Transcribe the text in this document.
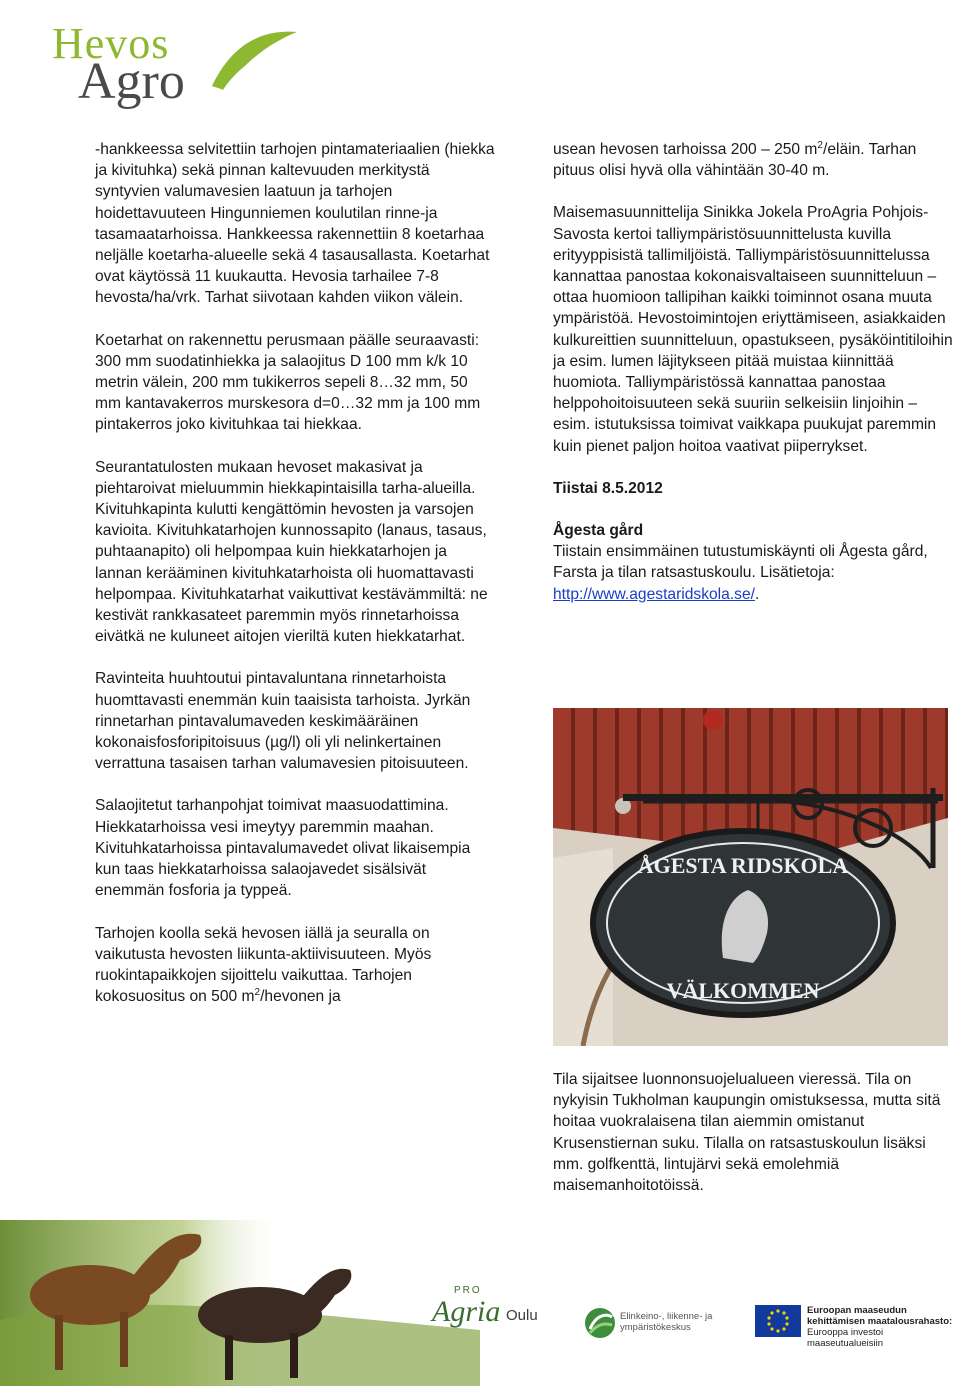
Hevos
Agro

-hankkeessa selvitettiin tarhojen pintamateriaalien (hiekka ja kivituhka) sekä pinnan kaltevuuden merkitystä syntyvien valumavesien laatuun ja tarhojen hoidettavuuteen Hingunniemen koulutilan rinne-ja tasamaatarhoissa. Hankkeessa rakennettiin 8 koetarhaa neljälle koetarha-alueelle sekä 4 tasausallasta. Koetarhat ovat käytössä 11 kuukautta. Hevosia tarhailee 7-8 hevosta/ha/vrk. Tarhat siivotaan kahden viikon välein.

Koetarhat on rakennettu perusmaan päälle seuraavasti: 300 mm suodatinhiekka ja salaojitus D 100 mm k/k 10 metrin välein, 200 mm tukikerros sepeli 8…32 mm, 50 mm kantavakerros murskesora d=0…32 mm ja 100 mm pintakerros joko kivituhkaa tai hiekkaa.

Seurantatulosten mukaan hevoset makasivat ja piehtaroivat mieluummin hiekkapintaisilla tarha-alueilla. Kivituhkapinta kulutti kengättömin hevosten ja varsojen kavioita. Kivituhkatarhojen kunnossapito (lanaus, tasaus, puhtaanapito) oli helpompaa kuin hiekkatarhojen ja lannan kerääminen kivituhkatarhoista oli huomattavasti helpompaa. Kivituhkatarhat vaikuttivat kestävämmiltä: ne kestivät rankkasateet paremmin myös rinnetarhoissa eivätkä ne kuluneet aitojen vieriltä kuten hiekkatarhat.

Ravinteita huuhtoutui pintavaluntana rinnetarhoista huomttavasti enemmän kuin taaisista tarhoista. Jyrkän rinnetarhan pintavalumaveden keskimääräinen kokonaisfosforipitoisuus (µg/l) oli yli nelinkertainen verrattuna tasaisen tarhan valumavesien pitoisuuteen.

Salaojitetut tarhanpohjat toimivat maasuodattimina. Hiekkatarhoissa vesi imeytyy paremmin maahan. Kivituhkatarhoissa pintavalumavedet olivat likaisempia kun taas hiekkatarhoissa salaojavedet sisälsivät enemmän fosforia ja typpeä.

Tarhojen koolla sekä hevosen iällä ja seuralla on vaikutusta hevosten liikunta-aktiivisuuteen. Myös ruokintapaikkojen sijoittelu vaikuttaa. Tarhojen kokosuositus on 500 $m^2$/hevonen ja

usean hevosen tarhoissa 200 – 250 $m^2$/eläin. Tarhan pituus olisi hyvä olla vähintään 30-40 m.

Maisemasuunnittelija Sinikka Jokela ProAgria Pohjois-Savosta kertoi talliympäristösuunnittelusta kuvilla erityyppisistä tallimiljöistä. Talliympäristösuunnittelussa kannattaa panostaa kokonaisvaltaiseen suunnitteluun – ottaa huomioon tallipihan kaikki toiminnot osana muuta ympäristöä. Hevostoimintojen eriyttämiseen, asiakkaiden kulkureittien suunnitteluun, opastukseen, pysäköintitiloihin ja esim. lumen läjitykseen pitää muistaa kiinnittää huomiota. Talliympäristössä kannattaa panostaa helppohoitoisuuteen sekä suuriin selkeisiin linjoihin – esim. istutuksissa toimivat vaikkapa puukujat paremmin kuin pienet paljon hoitoa vaativat piiperrykset.

Tiistai 8.5.2012

Ågesta gård

Tiistain ensimmäinen tutustumiskäynti oli Ågesta gård, Farsta ja tilan ratsastuskoulu. Lisätietoja: http://www.agestaridskola.se/.

ÅGESTA RIDSKOLA
VÄLKOMMEN

Tila sijaitsee luonnonsuojelualueen vieressä. Tila on nykyisin Tukholman kaupungin omistuksessa, mutta sitä hoitaa vuokralaisena tilan aiemmin omistanut Krusenstiernan suku. Tilalla on ratsastuskoulun lisäksi mm. golfkenttä, lintujärvi sekä emolehmiä maisemanhoitotöissä.

PRO
Agria Oulu	Elinkeino-, liikenne- ja
ympäristökeskus
Euroopan maaseudun
kehittämisen maatalousrahasto:
Eurooppa investoi maaseutualueisiin
